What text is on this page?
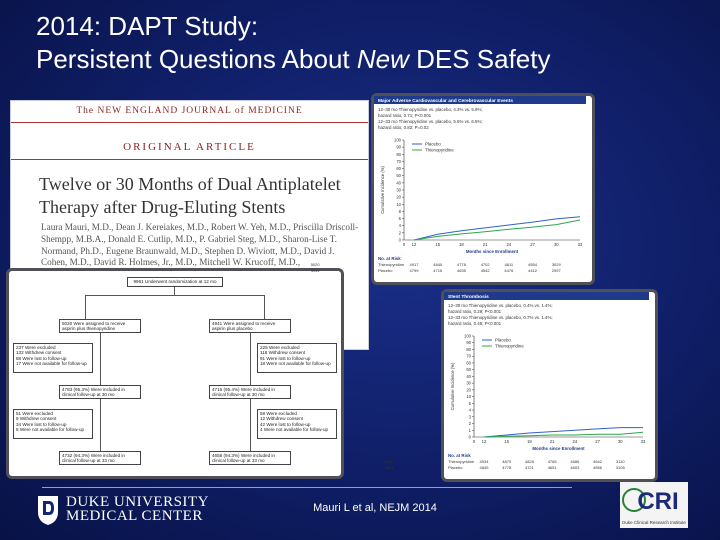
2014: DAPT Study:
Persistent Questions About New DES Safety
The NEW ENGLAND JOURNAL of MEDICINE
ORIGINAL ARTICLE
Twelve or 30 Months of Dual Antiplatelet Therapy after Drug-Eluting Stents
Laura Mauri, M.D., Dean J. Kereiakes, M.D., Robert W. Yeh, M.D., Priscilla Driscoll-Shempp, M.B.A., Donald E. Cutlip, M.D., P. Gabriel Steg, M.D., Sharon-Lise T. Normand, Ph.D., Eugene Braunwald, M.D., Stephen D. Wiviott, M.D., David J. Cohen, M.D., David R. Holmes, Jr., M.D., Mitchell W. Krucoff, M.D.,
9961 Underwent randomization at 12 mo
5020 Were assigned to receive aspirin plus thienopyridine
4941 Were assigned to receive aspirin plus placebo
237 Were excluded
132 Withdrew consent
88 Were lost to follow-up
17 Were not available for follow-up
225 Were excluded
116 Withdrew consent
91 Were lost to follow-up
18 Were not available for follow-up
4783 (95.3%) Were included in clinical follow-up at 30 mo
4716 (95.4%) Were included in clinical follow-up at 30 mo
51 Were excluded
9 Withdrew consent
34 Were lost to follow-up
8 Were not available for follow-up
58 Were excluded
12 Withdrew consent
42 Were lost to follow-up
4 Were not available for follow-up
4732 (94.3%) Were included in clinical follow-up at 33 mo
4658 (94.3%) Were included in clinical follow-up at 33 mo
Major Adverse Cardiovascular and Cerebrovascular Events
12–30 mo Thienopyridine vs. placebo, 4.3% vs. 5.9%;
hazard ratio, 0.71; P<0.001
12–33 mo Thienopyridine vs. placebo, 5.6% vs. 6.5%;
hazard ratio, 0.82; P=0.02
0
2
4
6
8
10
20
30
40
50
60
70
80
90
100
0 12	15	18	21	24	27	30	33
Months since Enrollment
Cumulative Incidence (%)
Placebo
Thienopyridine
No. at Risk
Thienopyridine
5020	4917	4840	4778	4702	4611	4554	3029
Placebo
4941	4799	4715	4635	4542	4476	4412	2997
Stent Thrombosis
12–30 mo Thienopyridine vs. placebo, 0.4% vs. 1.4%;
hazard ratio, 0.29; P<0.001
12–33 mo Thienopyridine vs. placebo, 0.7% vs. 1.4%;
hazard ratio, 0.45; P<0.001
0
1
2
3
4
5
10
20
30
40
50
60
70
80
90
100
0 12	15	18	21	24	27	30	33
Months since Enrollment
Cumulative Incidence (%)
Placebo
Thienopyridine
No. at Risk
Thienopyridine
5020	4934	4870	4828	4765	4686	4642	3110
Placebo
4941	4845	4775	4721	4651	4603	4556	3105
DUKE UNIVERSITY
MEDICAL CENTER	Mauri L et al, NEJM 2014	CRI
Duke Clinical Research Institute
